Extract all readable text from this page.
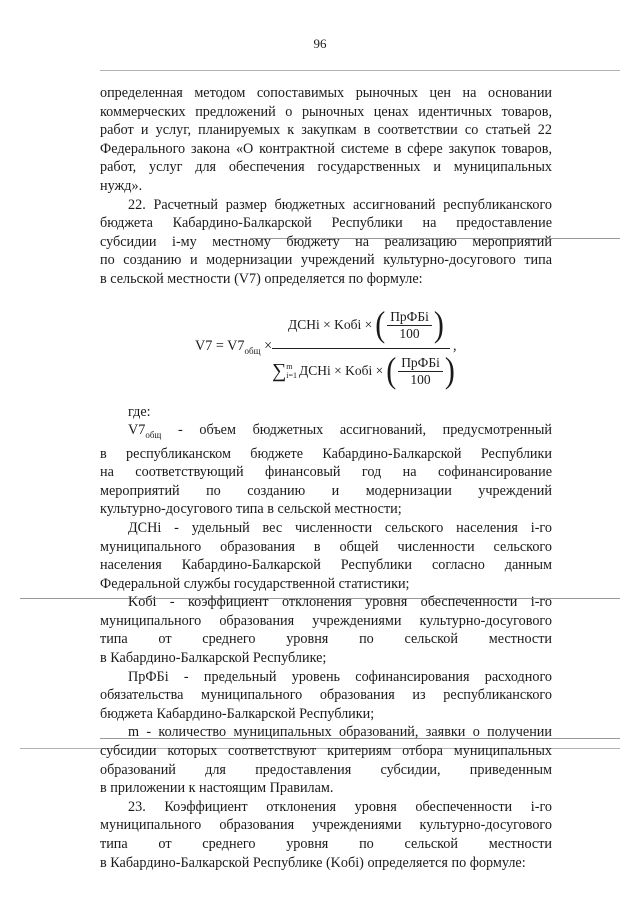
96

определенная методом сопоставимых рыночных цен на основании

коммерческих предложений о рыночных ценах идентичных товаров,

работ и услуг, планируемых к закупкам в соответствии со статьей 22

Федерального закона «О контрактной системе в сфере закупок товаров,

работ, услуг для обеспечения государственных и муниципальных

нужд».

22. Расчетный размер бюджетных ассигнований республиканского

бюджета Кабардино-Балкарской Республики на предоставление

субсидии i-му местному бюджету на реализацию мероприятий

по созданию и модернизации учреждений культурно-досугового типа

в сельской местности (V7) определяется по формуле:

$V7 = V7_{общ}$ ×
ДСНi × Kобi × ( $\frac{\text{ПрФБi}}{100}$ )
∑ m
i=1 ДСНi × Kобi × ( $\frac{\text{ПрФБi}}{100}$ )
,

где:

$V7_{общ}$ - объем бюджетных ассигнований, предусмотренный

в республиканском бюджете Кабардино-Балкарской Республики

на соответствующий финансовый год на софинансирование

мероприятий по созданию и модернизации учреждений

культурно-досугового типа в сельской местности;

ДСНi - удельный вес численности сельского населения i-го

муниципального образования в общей численности сельского

населения Кабардино-Балкарской Республики согласно данным

Федеральной службы государственной статистики;

Kобi - коэффициент отклонения уровня обеспеченности i-го

муниципального образования учреждениями культурно-досугового

типа от среднего уровня по сельской местности

в Кабардино-Балкарской Республике;

ПрФБi - предельный уровень софинансирования расходного

обязательства муниципального образования из республиканского

бюджета Кабардино-Балкарской Республики;

m - количество муниципальных образований, заявки о получении

субсидии которых соответствуют критериям отбора муниципальных

образований для предоставления субсидии, приведенным

в приложении к настоящим Правилам.

23. Коэффициент отклонения уровня обеспеченности i-го

муниципального образования учреждениями культурно-досугового

типа от среднего уровня по сельской местности

в Кабардино-Балкарской Республике (Kобi) определяется по формуле:
